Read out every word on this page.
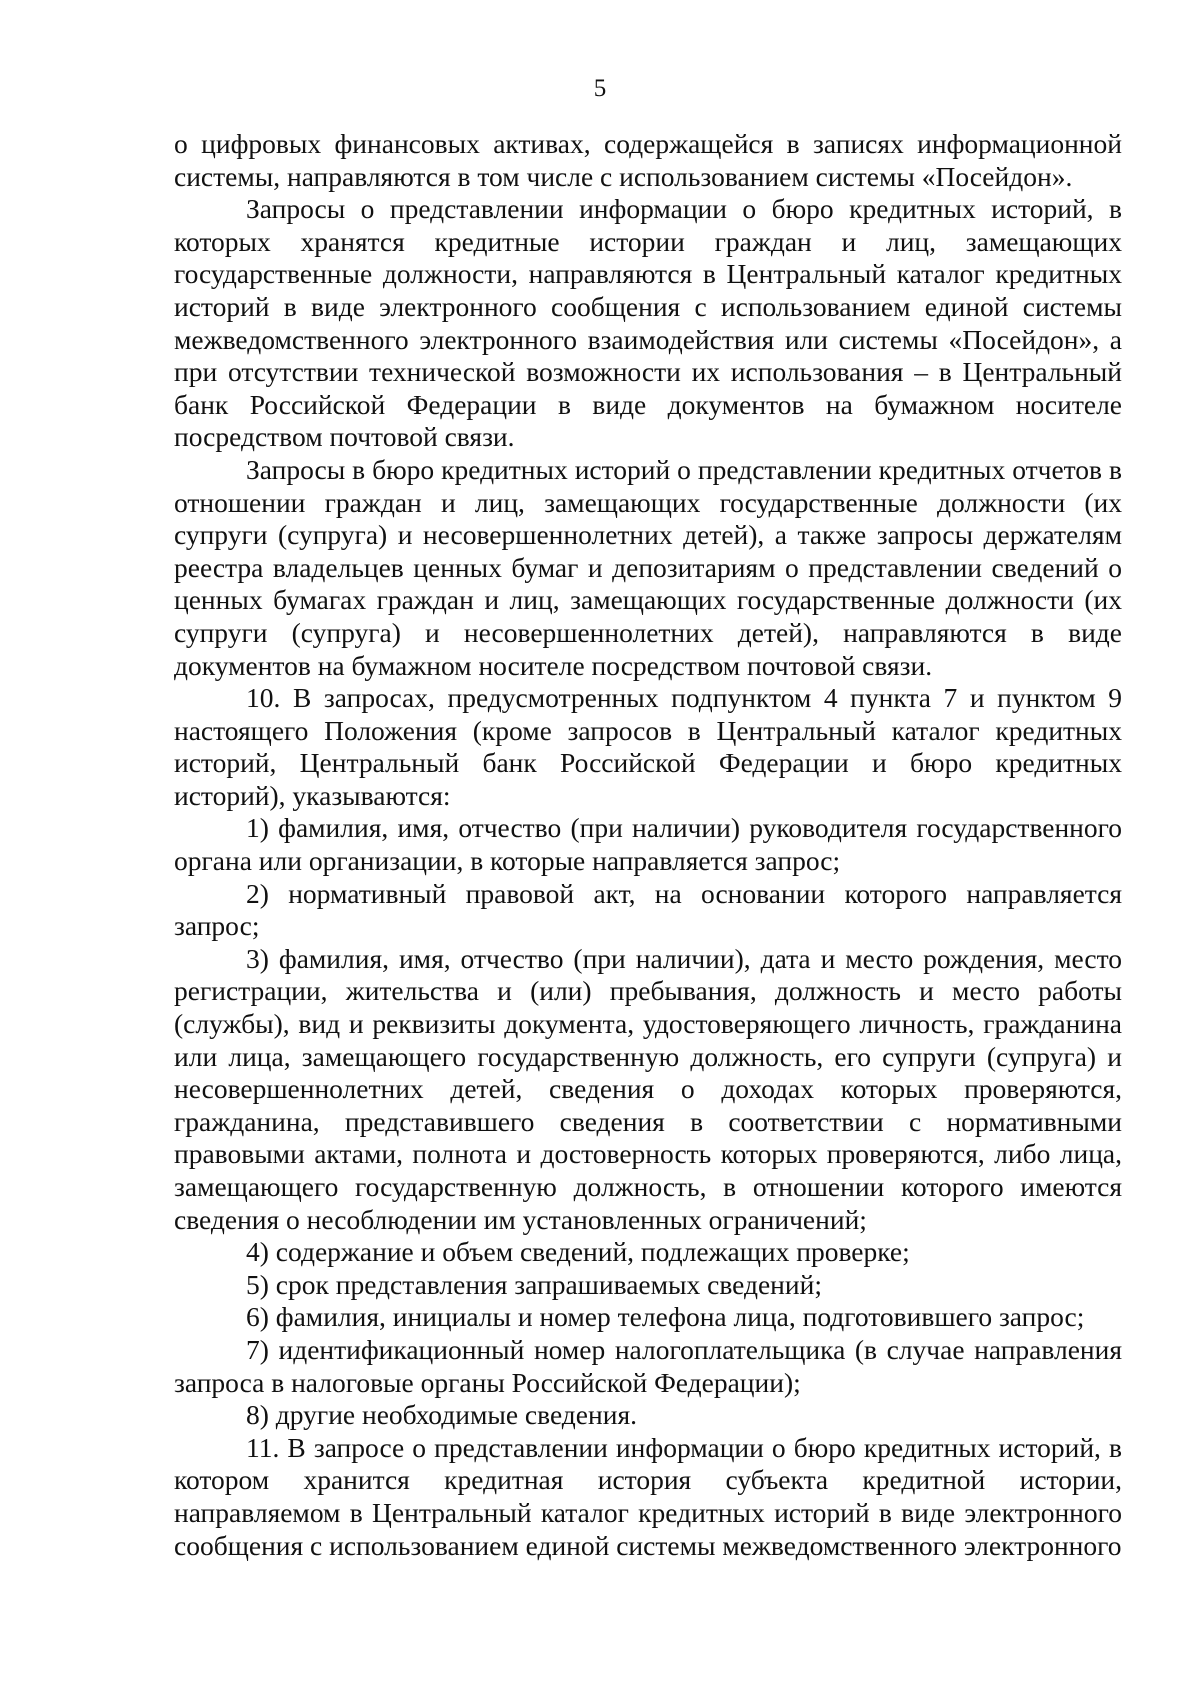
5

о цифровых финансовых активах, содержащейся в записях информационной системы, направляются в том числе с использованием системы «Посейдон».

Запросы о представлении информации о бюро кредитных историй, в которых хранятся кредитные истории граждан и лиц, замещающих государственные должности, направляются в Центральный каталог кредитных историй в виде электронного сообщения с использованием единой системы межведомственного электронного взаимодействия или системы «Посейдон», а при отсутствии технической возможности их использования – в Центральный банк Российской Федерации в виде документов на бумажном носителе посредством почтовой связи.

Запросы в бюро кредитных историй о представлении кредитных отчетов в отношении граждан и лиц, замещающих государственные должности (их супруги (супруга) и несовершеннолетних детей), а также запросы держателям реестра владельцев ценных бумаг и депозитариям о представлении сведений о ценных бумагах граждан и лиц, замещающих государственные должности (их супруги (супруга) и несовершеннолетних детей), направляются в виде документов на бумажном носителе посредством почтовой связи.

10. В запросах, предусмотренных подпунктом 4 пункта 7 и пунктом 9 настоящего Положения (кроме запросов в Центральный каталог кредитных историй, Центральный банк Российской Федерации и бюро кредитных историй), указываются:

1) фамилия, имя, отчество (при наличии) руководителя государственного органа или организации, в которые направляется запрос;

2) нормативный правовой акт, на основании которого направляется запрос;

3) фамилия, имя, отчество (при наличии), дата и место рождения, место регистрации, жительства и (или) пребывания, должность и место работы (службы), вид и реквизиты документа, удостоверяющего личность, гражданина или лица, замещающего государственную должность, его супруги (супруга) и несовершеннолетних детей, сведения о доходах которых проверяются, гражданина, представившего сведения в соответствии с нормативными правовыми актами, полнота и достоверность которых проверяются, либо лица, замещающего государственную должность, в отношении которого имеются сведения о несоблюдении им установленных ограничений;

4) содержание и объем сведений, подлежащих проверке;

5) срок представления запрашиваемых сведений;

6) фамилия, инициалы и номер телефона лица, подготовившего запрос;

7) идентификационный номер налогоплательщика (в случае направления запроса в налоговые органы Российской Федерации);

8) другие необходимые сведения.

11. В запросе о представлении информации о бюро кредитных историй, в котором хранится кредитная история субъекта кредитной истории, направляемом в Центральный каталог кредитных историй в виде электронного сообщения с использованием единой системы межведомственного электронного
